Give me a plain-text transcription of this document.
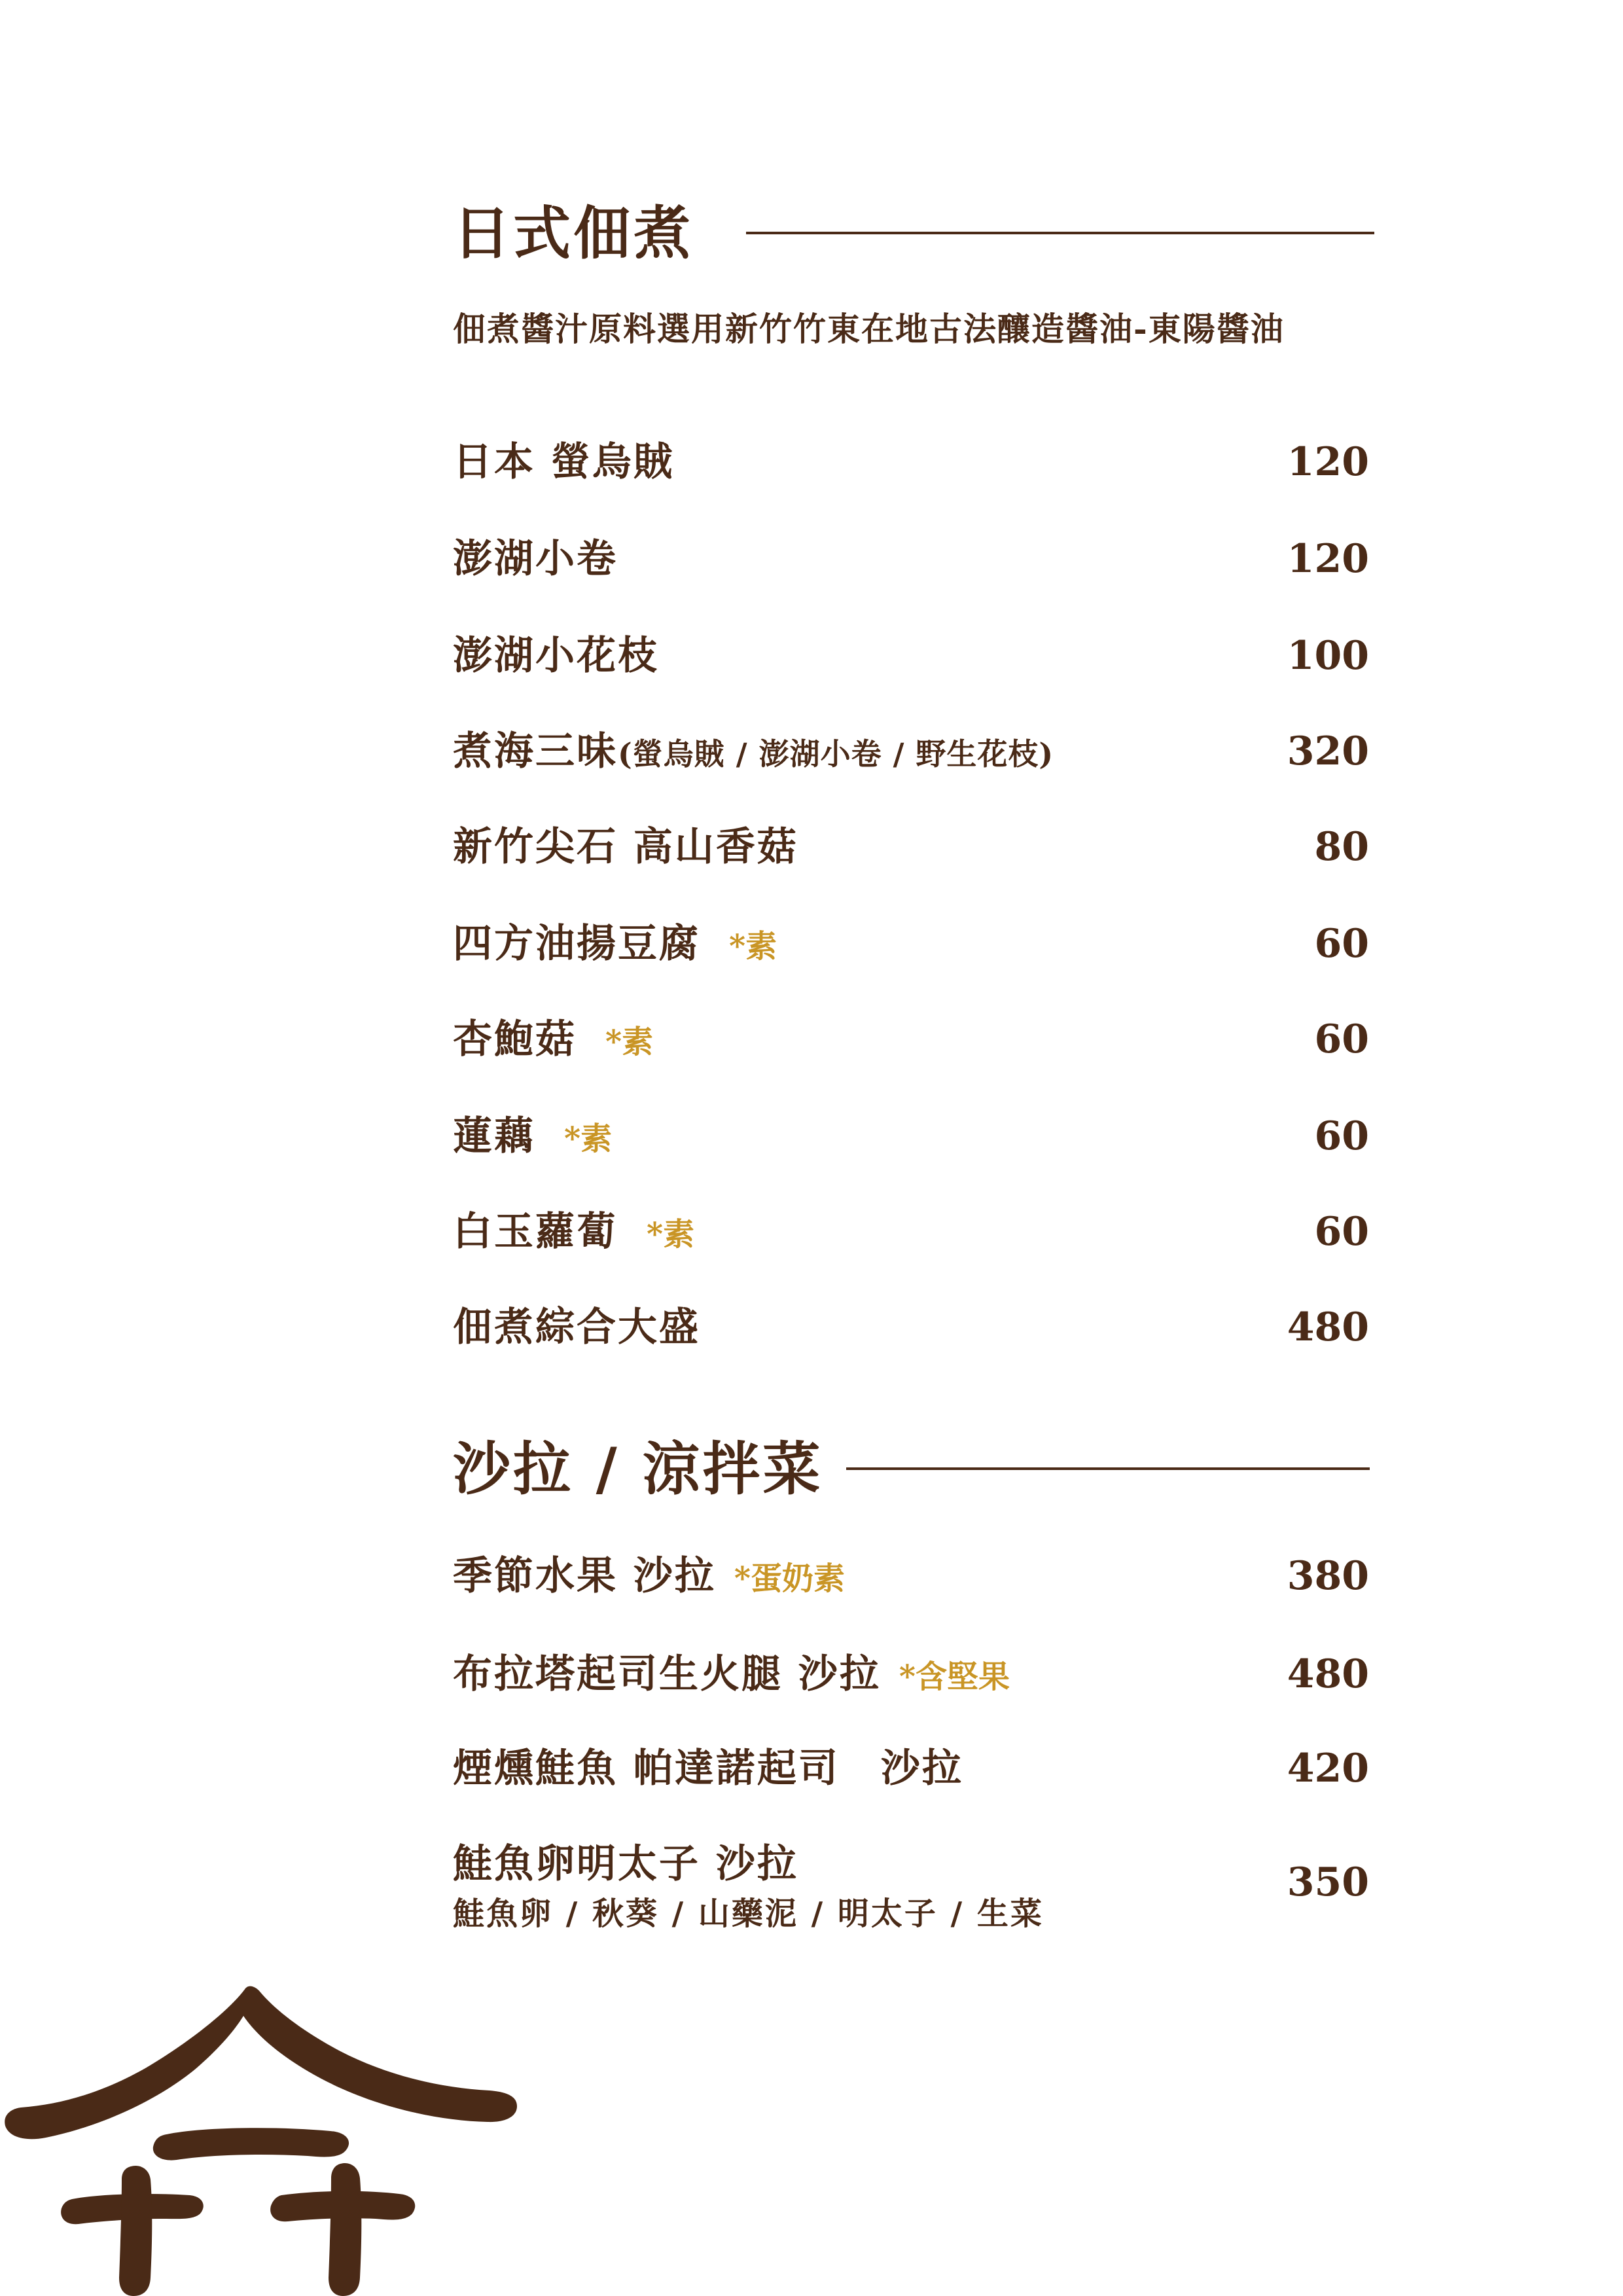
日式佃煮
佃煮醬汁原料選用新竹竹東在地古法釀造醬油-東陽醬油
日本 螢烏賊	120
澎湖小卷	120
澎湖小花枝	100
煮海三味 (螢烏賊 / 澎湖小卷 / 野生花枝)	320
新竹尖石 高山香菇	80
四方油揚豆腐 *素	60
杏鮑菇 *素	60
蓮藕 *素	60
白玉蘿蔔 *素	60
佃煮綜合大盛	480
沙拉 / 涼拌菜
季節水果 沙拉 *蛋奶素	380
布拉塔起司生火腿 沙拉 *含堅果	480
煙燻鮭魚 帕達諾起司　沙拉	420
鮭魚卵明太子 沙拉	350
鮭魚卵 / 秋葵 / 山藥泥 / 明太子 / 生菜
